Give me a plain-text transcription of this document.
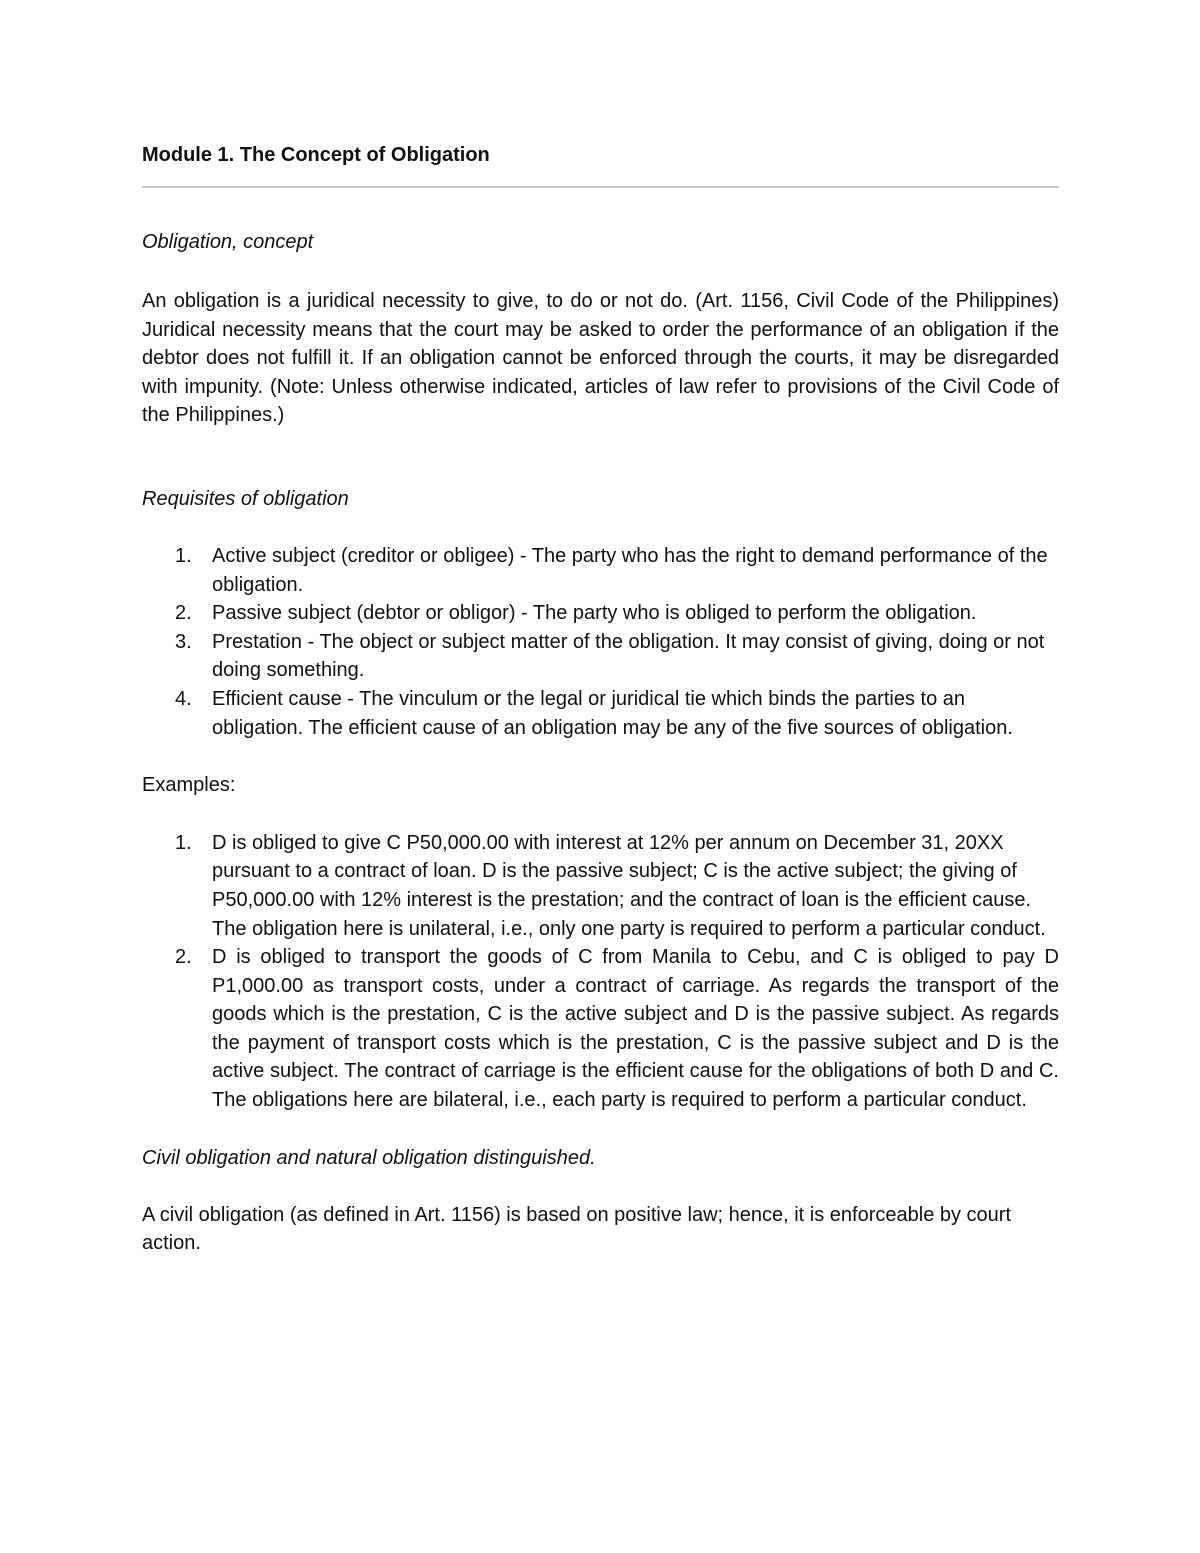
Module 1. The Concept of Obligation

Obligation, concept

An obligation is a juridical necessity to give, to do or not do. (Art. 1156, Civil Code of the Philippines) Juridical necessity means that the court may be asked to order the performance of an obligation if the debtor does not fulfill it. If an obligation cannot be enforced through the courts, it may be disregarded with impunity. (Note: Unless otherwise indicated, articles of law refer to provisions of the Civil Code of the Philippines.)

Requisites of obligation

1. Active subject (creditor or obligee) - The party who has the right to demand performance of the obligation.
2. Passive subject (debtor or obligor) - The party who is obliged to perform the obligation.
3. Prestation - The object or subject matter of the obligation. It may consist of giving, doing or not doing something.
4. Efficient cause - The vinculum or the legal or juridical tie which binds the parties to an obligation. The efficient cause of an obligation may be any of the five sources of obligation.

Examples:

1. D is obliged to give C P50,000.00 with interest at 12% per annum on December 31, 20XX pursuant to a contract of loan. D is the passive subject; C is the active subject; the giving of P50,000.00 with 12% interest is the prestation; and the contract of loan is the efficient cause. The obligation here is unilateral, i.e., only one party is required to perform a particular conduct.
2. D is obliged to transport the goods of C from Manila to Cebu, and C is obliged to pay D P1,000.00 as transport costs, under a contract of carriage. As regards the transport of the goods which is the prestation, C is the active subject and D is the passive subject. As regards the payment of transport costs which is the prestation, C is the passive subject and D is the active subject. The contract of carriage is the efficient cause for the obligations of both D and C. The obligations here are bilateral, i.e., each party is required to perform a particular conduct.

Civil obligation and natural obligation distinguished.

A civil obligation (as defined in Art. 1156) is based on positive law; hence, it is enforceable by court action.
